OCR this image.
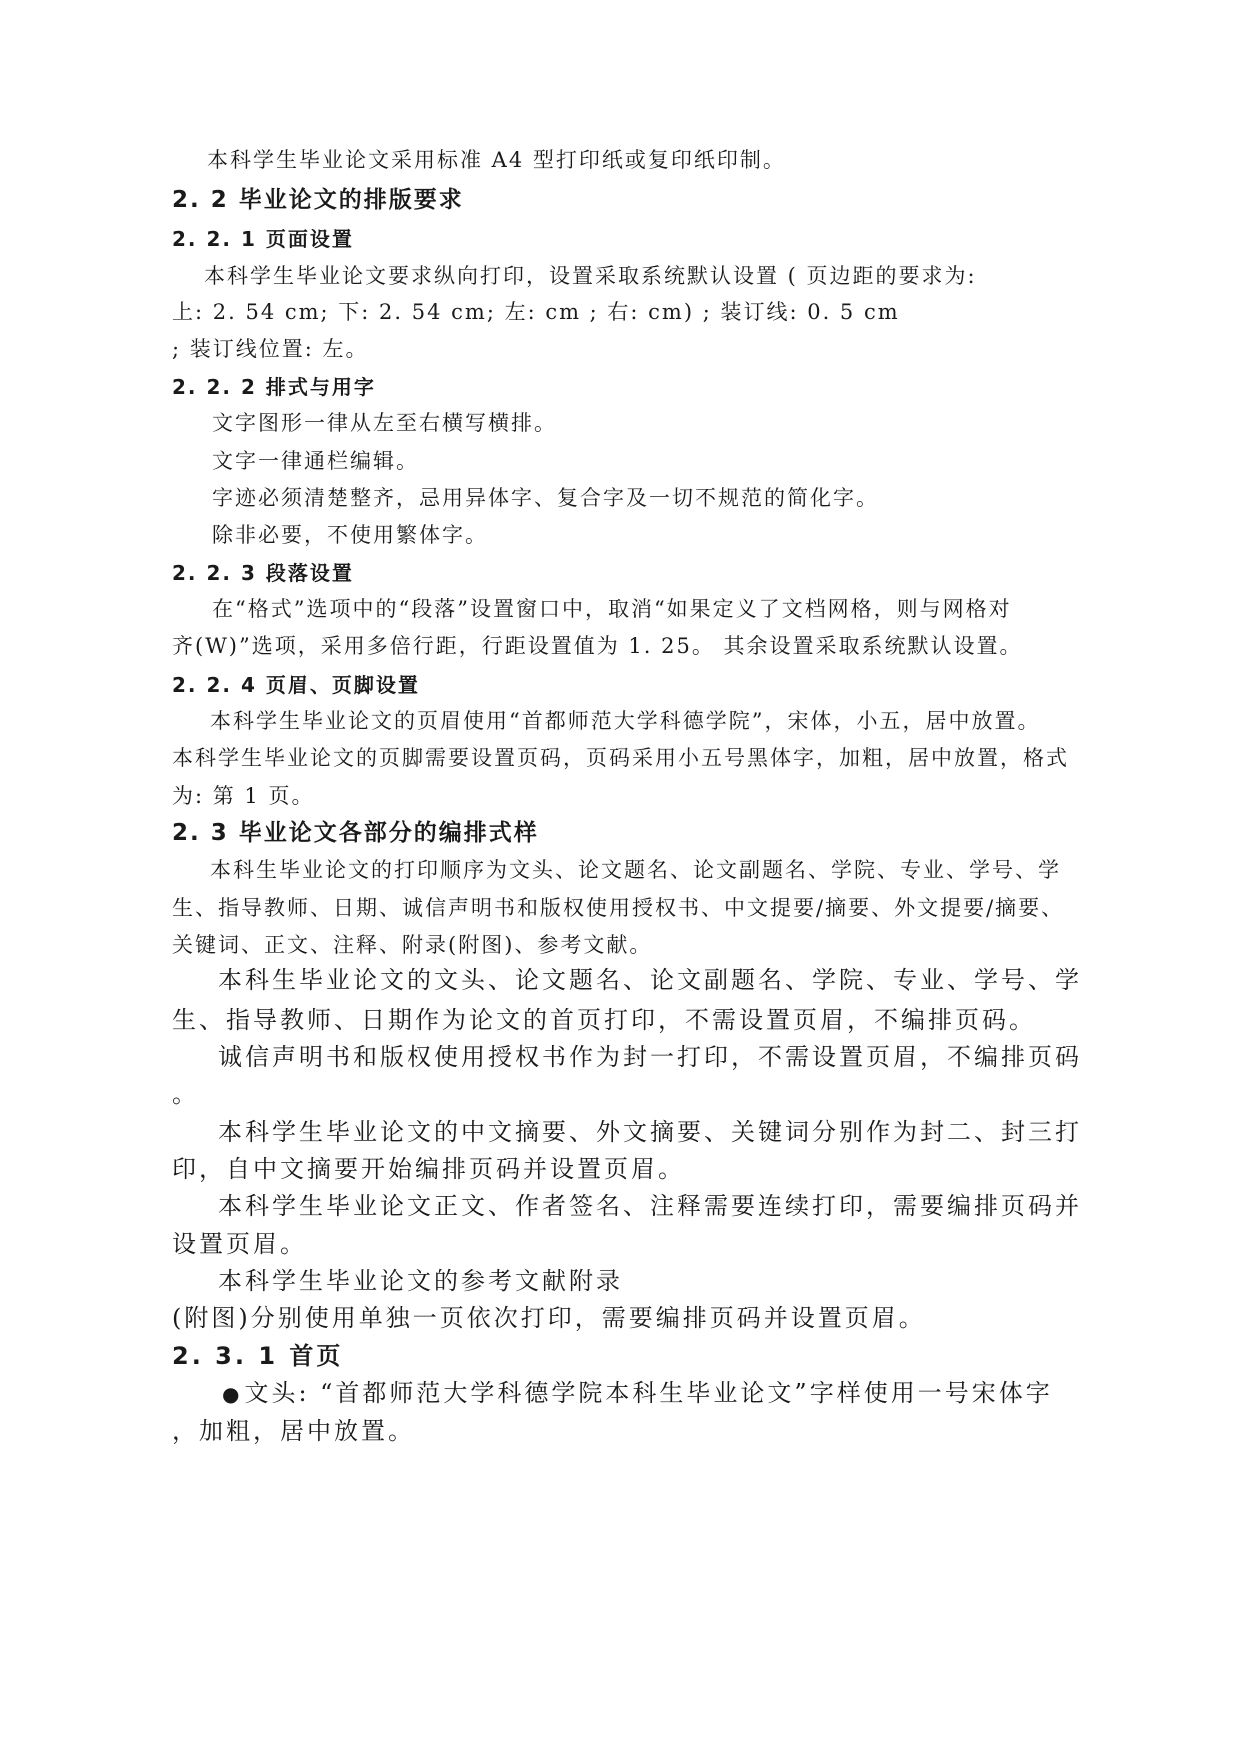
本科学生毕业论文采用标准 A4 型打印纸或复印纸印制。
2. 2 毕业论文的排版要求
2. 2. 1 页面设置
本科学生毕业论文要求纵向打印，设置采取系统默认设置 ( 页边距的要求为:
上: 2. 54 cm; 下: 2. 54 cm; 左: cm ; 右: cm) ; 装订线: 0. 5 cm
; 装订线位置: 左。
2. 2. 2 排式与用字
文字图形一律从左至右横写横排。
文字一律通栏编辑。
字迹必须清楚整齐，忌用异体字、复合字及一切不规范的简化字。
除非必要，不使用繁体字。
2. 2. 3 段落设置
在“格式”选项中的“段落”设置窗口中，取消“如果定义了文档网格，则与网格对
齐(W)”选项，采用多倍行距，行距设置值为 1. 25。 其余设置采取系统默认设置。
2. 2. 4 页眉、页脚设置
本科学生毕业论文的页眉使用“首都师范大学科德学院”，宋体，小五，居中放置。
本科学生毕业论文的页脚需要设置页码，页码采用小五号黑体字，加粗，居中放置，格式
为: 第 1 页。
2. 3 毕业论文各部分的编排式样
本科生毕业论文的打印顺序为文头、论文题名、论文副题名、学院、专业、学号、学
生、指导教师、日期、诚信声明书和版权使用授权书、中文提要/摘要、外文提要/摘要、
关键词、正文、注释、附录(附图)、参考文献。
本科生毕业论文的文头、论文题名、论文副题名、学院、专业、学号、学
生、指导教师、日期作为论文的首页打印，不需设置页眉，不编排页码。
诚信声明书和版权使用授权书作为封一打印，不需设置页眉，不编排页码
。
本科学生毕业论文的中文摘要、外文摘要、关键词分别作为封二、封三打
印，自中文摘要开始编排页码并设置页眉。
本科学生毕业论文正文、作者签名、注释需要连续打印，需要编排页码并
设置页眉。
本科学生毕业论文的参考文献附录
(附图)分别使用单独一页依次打印，需要编排页码并设置页眉。
2. 3. 1 首页
●文头: “首都师范大学科德学院本科生毕业论文”字样使用一号宋体字
，加粗，居中放置。
